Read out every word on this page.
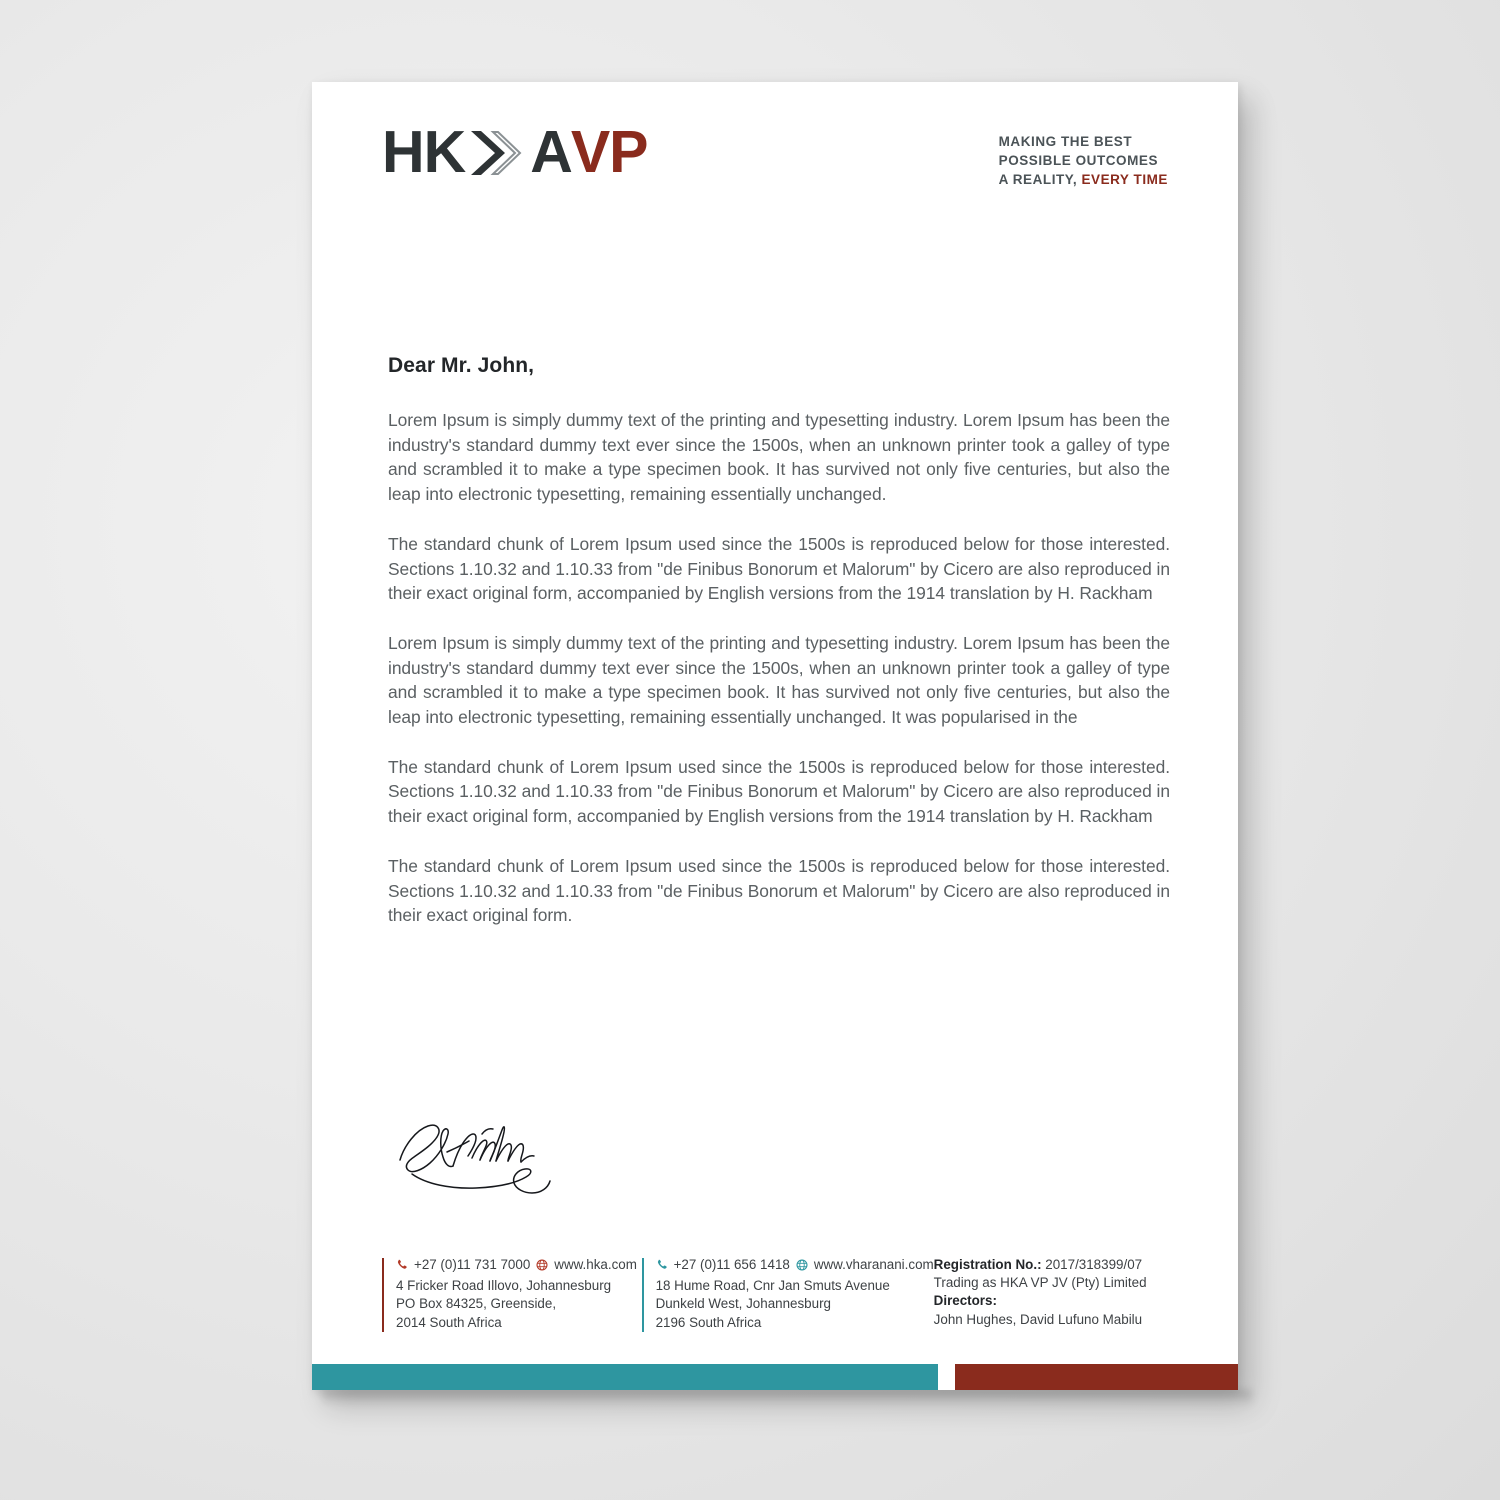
HK A VP	MAKING THE BEST
POSSIBLE OUTCOMES
A REALITY, EVERY TIME
Dear Mr. John,

Lorem Ipsum is simply dummy text of the printing and typesetting industry. Lorem Ipsum has been the industry's standard dummy text ever since the 1500s, when an unknown printer took a galley of type and scrambled it to make a type specimen book. It has survived not only five centuries, but also the leap into electronic typesetting, remaining essentially unchanged.

The standard chunk of Lorem Ipsum used since the 1500s is reproduced below for those interested. Sections 1.10.32 and 1.10.33 from "de Finibus Bonorum et Malorum" by Cicero are also reproduced in their exact original form, accompanied by English versions from the 1914 translation by H. Rackham

Lorem Ipsum is simply dummy text of the printing and typesetting industry. Lorem Ipsum has been the industry's standard dummy text ever since the 1500s, when an unknown printer took a galley of type and scrambled it to make a type specimen book. It has survived not only five centuries, but also the leap into electronic typesetting, remaining essentially unchanged. It was popularised in the

The standard chunk of Lorem Ipsum used since the 1500s is reproduced below for those interested. Sections 1.10.32 and 1.10.33 from "de Finibus Bonorum et Malorum" by Cicero are also reproduced in their exact original form, accompanied by English versions from the 1914 translation by H. Rackham

The standard chunk of Lorem Ipsum used since the 1500s is reproduced below for those interested. Sections 1.10.32 and 1.10.33 from "de Finibus Bonorum et Malorum" by Cicero are also reproduced in their exact original form.

+27 (0)11 731 7000 www.hka.com
4 Fricker Road Illovo, Johannesburg
PO Box 84325, Greenside,
2014 South Africa
+27 (0)11 656 1418 www.vharanani.com
18 Hume Road, Cnr Jan Smuts Avenue
Dunkeld West, Johannesburg
2196 South Africa
Registration No.: 2017/318399/07
Trading as HKA VP JV (Pty) Limited
Directors:
John Hughes, David Lufuno Mabilu
